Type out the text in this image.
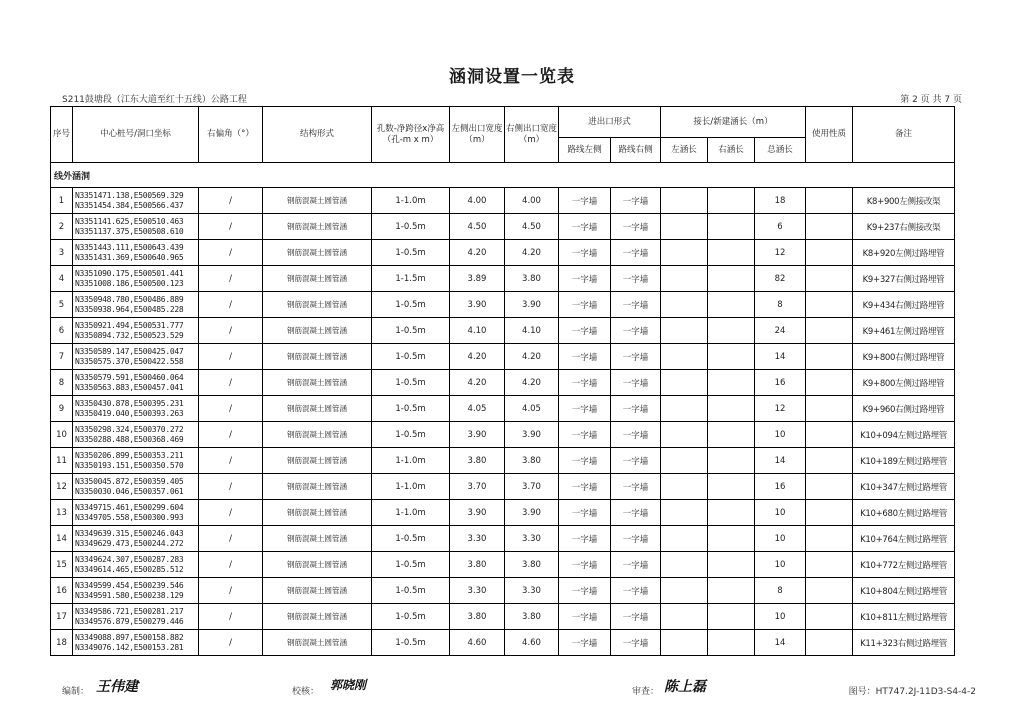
涵洞设置一览表
S211鼓塘段（江东大道至红十五线）公路工程	第 2 页 共 7 页
序号	中心桩号/洞口坐标	右偏角（°）	结构形式	孔数-净跨径x净高（孔-m x m）	左侧出口宽度（m）	右侧出口宽度（m）	进出口形式		接长/新建涵长（m）			使用性质	备注
							路线左侧	路线右侧	左涵长	右涵长	总涵长		
线外涵洞													
1	N3351471.138,E500569.329
N3351454.384,E500566.437	/	钢筋混凝土圆管涵	1-1.0m	4.00	4.00	一字墙	一字墙			18		K8+900左侧接改渠
2	N3351141.625,E500510.463
N3351137.375,E500508.610	/	钢筋混凝土圆管涵	1-0.5m	4.50	4.50	一字墙	一字墙			6		K9+237右侧接改渠
3	N3351443.111,E500643.439
N3351431.369,E500640.965	/	钢筋混凝土圆管涵	1-0.5m	4.20	4.20	一字墙	一字墙			12		K8+920左侧过路埋管
4	N3351090.175,E500501.441
N3351008.186,E500500.123	/	钢筋混凝土圆管涵	1-1.5m	3.89	3.80	一字墙	一字墙			82		K9+327右侧过路埋管
5	N3350948.780,E500486.889
N3350938.964,E500485.228	/	钢筋混凝土圆管涵	1-0.5m	3.90	3.90	一字墙	一字墙			8		K9+434右侧过路埋管
6	N3350921.494,E500531.777
N3350894.732,E500523.529	/	钢筋混凝土圆管涵	1-0.5m	4.10	4.10	一字墙	一字墙			24		K9+461左侧过路埋管
7	N3350589.147,E500425.047
N3350575.370,E500422.558	/	钢筋混凝土圆管涵	1-0.5m	4.20	4.20	一字墙	一字墙			14		K9+800右侧过路埋管
8	N3350579.591,E500460.064
N3350563.883,E500457.041	/	钢筋混凝土圆管涵	1-0.5m	4.20	4.20	一字墙	一字墙			16		K9+800左侧过路埋管
9	N3350430.878,E500395.231
N3350419.040,E500393.263	/	钢筋混凝土圆管涵	1-0.5m	4.05	4.05	一字墙	一字墙			12		K9+960右侧过路埋管
10	N3350298.324,E500370.272
N3350288.488,E500368.469	/	钢筋混凝土圆管涵	1-0.5m	3.90	3.90	一字墙	一字墙			10		K10+094左侧过路埋管
11	N3350206.899,E500353.211
N3350193.151,E500350.570	/	钢筋混凝土圆管涵	1-1.0m	3.80	3.80	一字墙	一字墙			14		K10+189左侧过路埋管
12	N3350045.872,E500359.405
N3350030.046,E500357.061	/	钢筋混凝土圆管涵	1-1.0m	3.70	3.70	一字墙	一字墙			16		K10+347左侧过路埋管
13	N3349715.461,E500299.604
N3349705.558,E500300.993	/	钢筋混凝土圆管涵	1-1.0m	3.90	3.90	一字墙	一字墙			10		K10+680左侧过路埋管
14	N3349639.315,E500246.043
N3349629.473,E500244.272	/	钢筋混凝土圆管涵	1-0.5m	3.30	3.30	一字墙	一字墙			10		K10+764左侧过路埋管
15	N3349624.307,E500287.283
N3349614.465,E500285.512	/	钢筋混凝土圆管涵	1-0.5m	3.80	3.80	一字墙	一字墙			10		K10+772左侧过路埋管
16	N3349599.454,E500239.546
N3349591.580,E500238.129	/	钢筋混凝土圆管涵	1-0.5m	3.30	3.30	一字墙	一字墙			8		K10+804左侧过路埋管
17	N3349586.721,E500281.217
N3349576.879,E500279.446	/	钢筋混凝土圆管涵	1-0.5m	3.80	3.80	一字墙	一字墙			10		K10+811左侧过路埋管
18	N3349088.897,E500158.882
N3349076.142,E500153.281	/	钢筋混凝土圆管涵	1-0.5m	4.60	4.60	一字墙	一字墙			14		K11+323右侧过路埋管
编制： 王伟建	校核： 郭晓刚	审查： 陈上磊	图号：HT747.2J-11D3-S4-4-2
